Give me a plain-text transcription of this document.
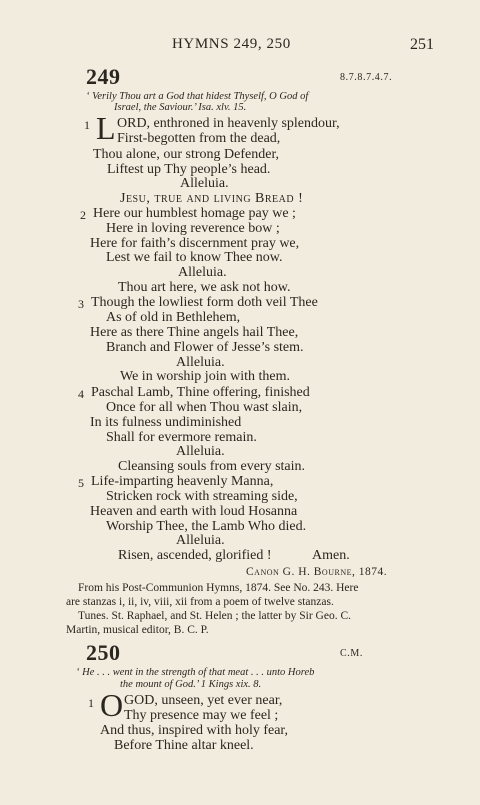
HYMNS 249, 250	251
249	8.7.8.7.4.7.
‘ Verily Thou art a God that hidest Thyself, O God of
Israel, the Saviour.’ Isa. xlv. 15.
1 L ORD, enthroned in heavenly splendour,
First-begotten from the dead,
Thou alone, our strong Defender,
Liftest up Thy people’s head.
Alleluia.
Jesu, true and living Bread !
2 Here our humblest homage pay we ;
Here in loving reverence bow ;
Here for faith’s discernment pray we,
Lest we fail to know Thee now.
Alleluia.
Thou art here, we ask not how.
3 Though the lowliest form doth veil Thee
As of old in Bethlehem,
Here as there Thine angels hail Thee,
Branch and Flower of Jesse’s stem.
Alleluia.
We in worship join with them.
4 Paschal Lamb, Thine offering, finished
Once for all when Thou wast slain,
In its fulness undiminished
Shall for evermore remain.
Alleluia.
Cleansing souls from every stain.
5 Life-imparting heavenly Manna,
Stricken rock with streaming side,
Heaven and earth with loud Hosanna
Worship Thee, the Lamb Who died.
Alleluia.
Risen, ascended, glorified !	Amen.
Canon G. H. Bourne, 1874.
From his Post-Communion Hymns, 1874. See No. 243. Here
are stanzas i, ii, iv, viii, xii from a poem of twelve stanzas.
Tunes. St. Raphael, and St. Helen ; the latter by Sir Geo. C.
Martin, musical editor, B. C. P.
250	C.M.
‘ He . . . went in the strength of that meat . . . unto Horeb
the mount of God.’ 1 Kings xix. 8.
1 O GOD, unseen, yet ever near,
Thy presence may we feel ;
And thus, inspired with holy fear,
Before Thine altar kneel.
